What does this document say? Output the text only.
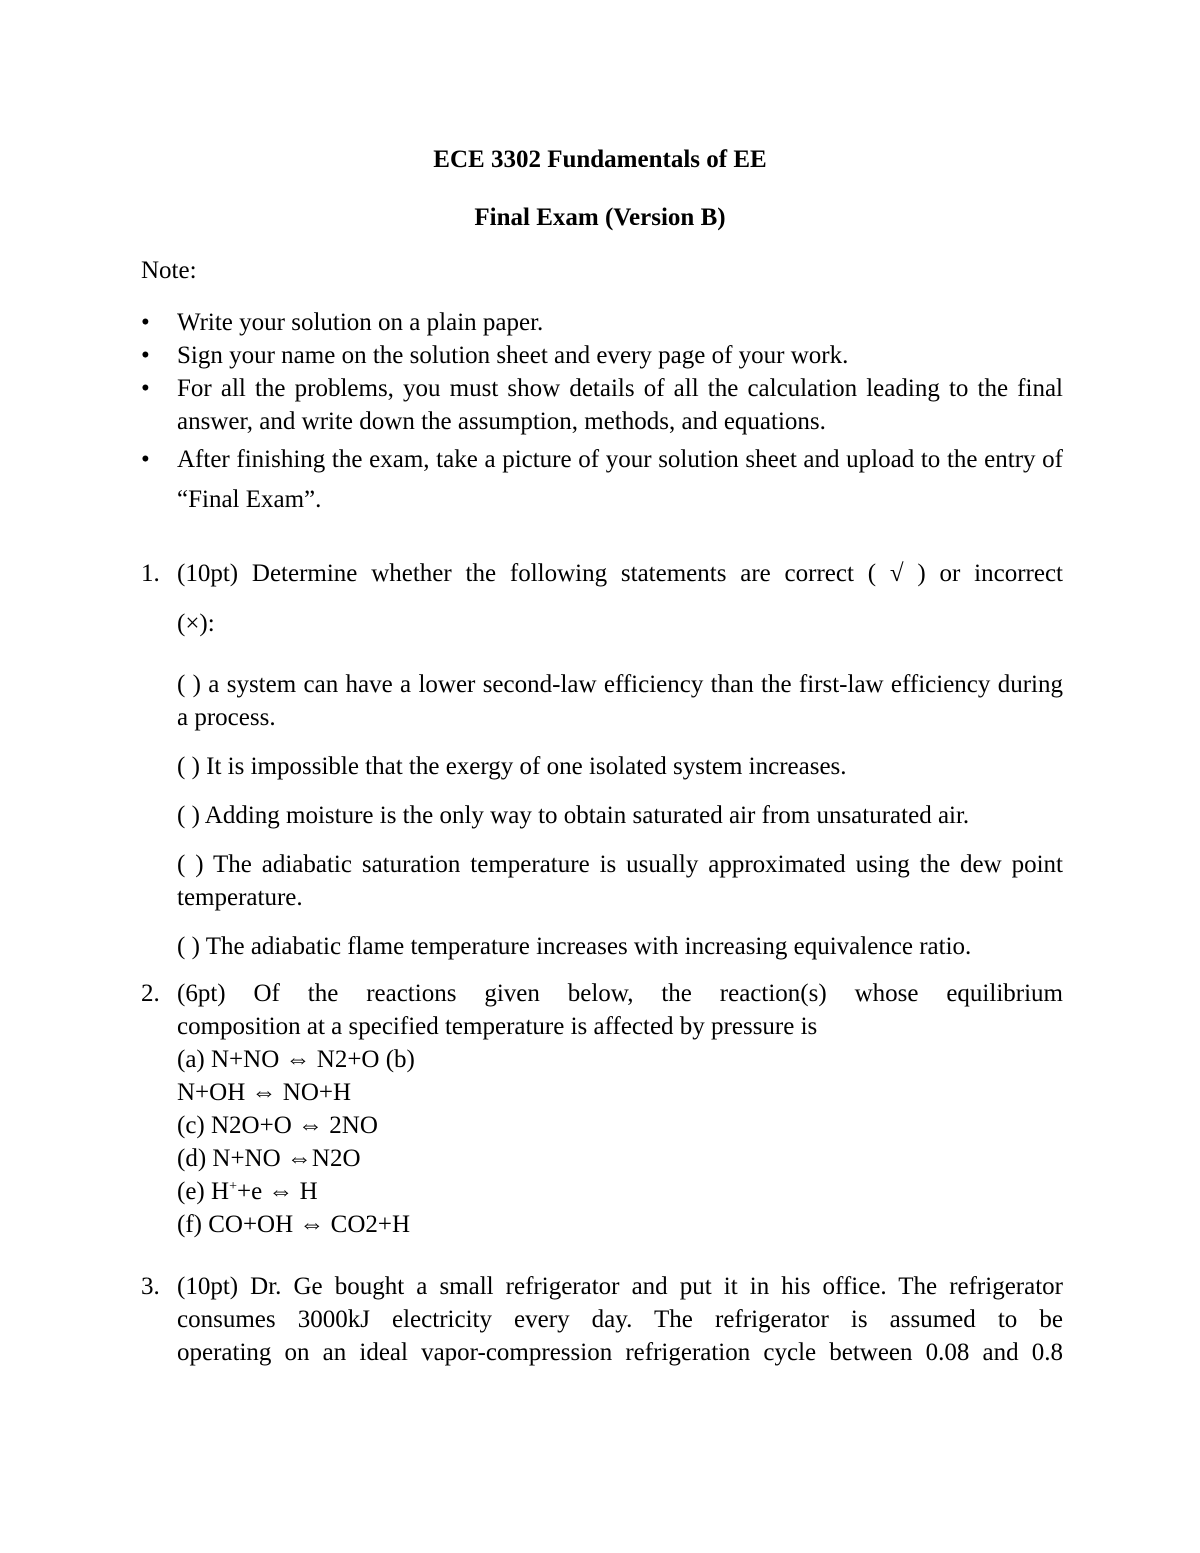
ECE 3302 Fundamentals of EE
Final Exam (Version B)
Note:
• Write your solution on a plain paper.
• Sign your name on the solution sheet and every page of your work.
• For all the problems, you must show details of all the calculation leading to the final answer, and write down the assumption, methods, and equations.
• After finishing the exam, take a picture of your solution sheet and upload to the entry of “Final Exam”.
1. (10pt) Determine whether the following statements are correct ( √ ) or incorrect
(×):
( ) a system can have a lower second-law efficiency than the first-law efficiency during a process.
( ) It is impossible that the exergy of one isolated system increases.
( ) Adding moisture is the only way to obtain saturated air from unsaturated air.
( ) The adiabatic saturation temperature is usually approximated using the dew point temperature.
( ) The adiabatic flame temperature increases with increasing equivalence ratio.
2. (6pt) Of the reactions given below, the reaction(s) whose equilibrium
composition at a specified temperature is affected by pressure is
(a) N+NO ⇔ N2+O (b)
N+OH ⇔ NO+H
(c) N2O+O ⇔ 2NO
(d) N+NO ⇔N2O
(e) H++e ⇔ H
(f) CO+OH ⇔ CO2+H
3. (10pt) Dr. Ge bought a small refrigerator and put it in his office. The refrigerator
consumes 3000kJ electricity every day. The refrigerator is assumed to be
operating on an ideal vapor-compression refrigeration cycle between 0.08 and 0.8
